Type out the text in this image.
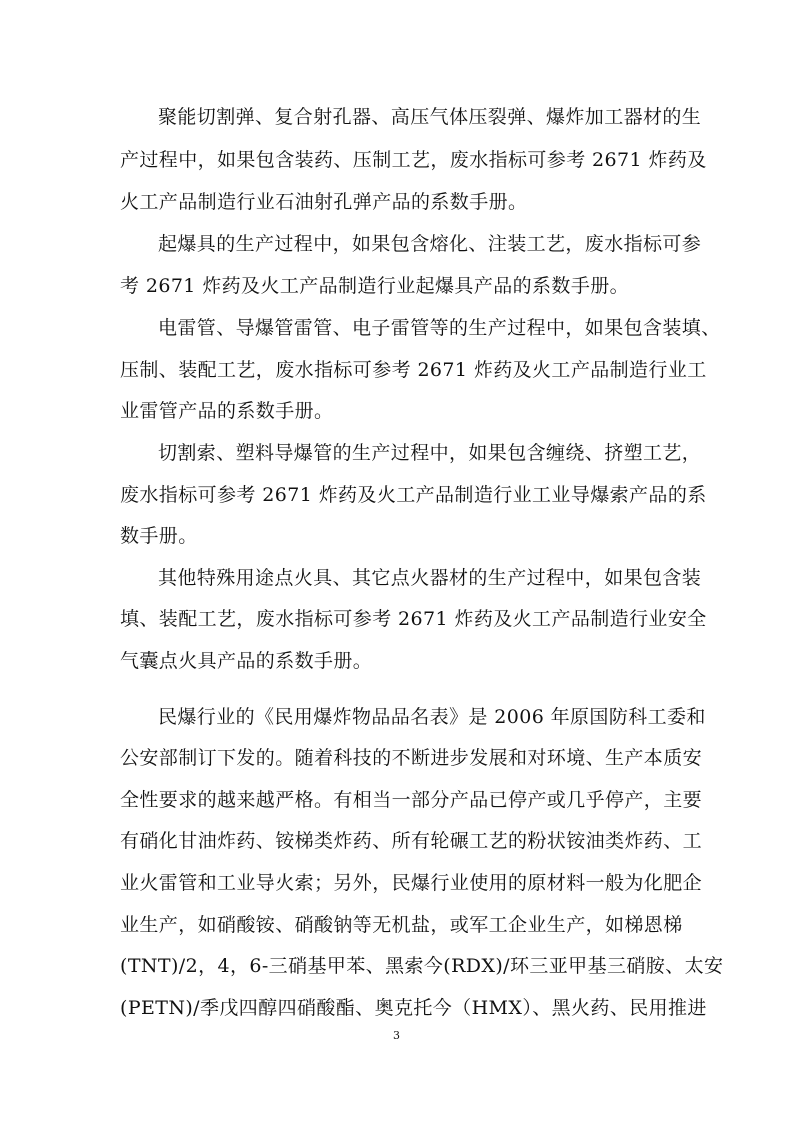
聚能切割弹、复合射孔器、高压气体压裂弹、爆炸加工器材的生
产过程中，如果包含装药、压制工艺，废水指标可参考 2671 炸药及
火工产品制造行业石油射孔弹产品的系数手册。
起爆具的生产过程中，如果包含熔化、注装工艺，废水指标可参
考 2671 炸药及火工产品制造行业起爆具产品的系数手册。
电雷管、导爆管雷管、电子雷管等的生产过程中，如果包含装填、
压制、装配工艺，废水指标可参考 2671 炸药及火工产品制造行业工
业雷管产品的系数手册。
切割索、塑料导爆管的生产过程中，如果包含缠绕、挤塑工艺，
废水指标可参考 2671 炸药及火工产品制造行业工业导爆索产品的系
数手册。
其他特殊用途点火具、其它点火器材的生产过程中，如果包含装
填、装配工艺，废水指标可参考 2671 炸药及火工产品制造行业安全
气囊点火具产品的系数手册。
民爆行业的《民用爆炸物品品名表》是 2006 年原国防科工委和
公安部制订下发的。随着科技的不断进步发展和对环境、生产本质安
全性要求的越来越严格。有相当一部分产品已停产或几乎停产，主要
有硝化甘油炸药、铵梯类炸药、所有轮碾工艺的粉状铵油类炸药、工
业火雷管和工业导火索；另外，民爆行业使用的原材料一般为化肥企
业生产，如硝酸铵、硝酸钠等无机盐，或军工企业生产，如梯恩梯
(TNT)/2，4，6-三硝基甲苯、黑索今(RDX)/环三亚甲基三硝胺、太安
(PETN)/季戊四醇四硝酸酯、奥克托今（HMX）、黑火药、民用推进
3
